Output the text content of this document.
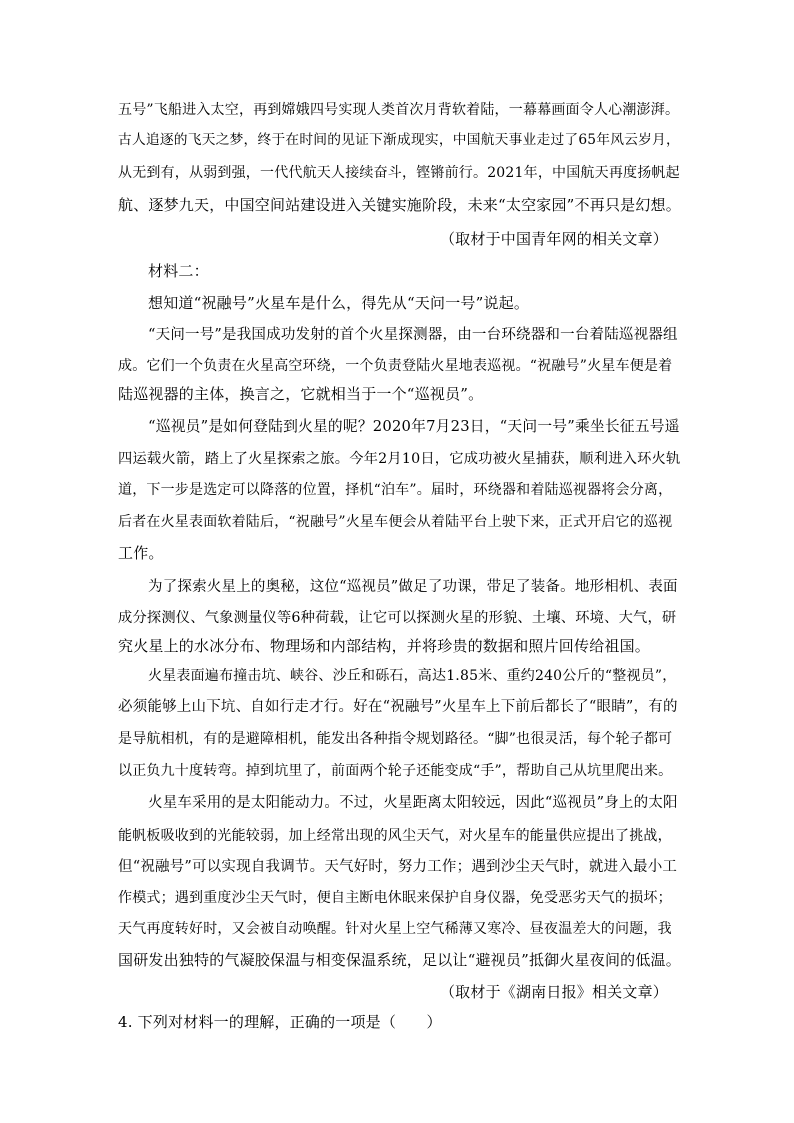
五号”飞船进入太空，再到嫦娥四号实现人类首次月背软着陆，一幕幕画面令人心潮澎湃。
古人追逐的飞天之梦，终于在时间的见证下渐成现实，中国航天事业走过了65年风云岁月，
从无到有，从弱到强，一代代航天人接续奋斗，铿锵前行。2021年，中国航天再度扬帆起
航、逐梦九天，中国空间站建设进入关键实施阶段，未来“太空家园”不再只是幻想。
（取材于中国青年网的相关文章）
材料二：
想知道“祝融号”火星车是什么，得先从“天问一号”说起。
“天问一号”是我国成功发射的首个火星探测器，由一台环绕器和一台着陆巡视器组
成。它们一个负责在火星高空环绕，一个负责登陆火星地表巡视。“祝融号”火星车便是着
陆巡视器的主体，换言之，它就相当于一个“巡视员”。
“巡视员”是如何登陆到火星的呢？2020年7月23日，“天问一号”乘坐长征五号遥
四运载火箭，踏上了火星探索之旅。今年2月10日，它成功被火星捕获，顺利进入环火轨
道，下一步是选定可以降落的位置，择机“泊车”。届时，环绕器和着陆巡视器将会分离，
后者在火星表面软着陆后，“祝融号”火星车便会从着陆平台上驶下来，正式开启它的巡视
工作。
为了探索火星上的奥秘，这位“巡视员”做足了功课，带足了装备。地形相机、表面
成分探测仪、气象测量仪等6种荷载，让它可以探测火星的形貌、土壤、环境、大气，研
究火星上的水冰分布、物理场和内部结构，并将珍贵的数据和照片回传给祖国。
火星表面遍布撞击坑、峡谷、沙丘和砾石，高达1.85米、重约240公斤的“整视员”，
必须能够上山下坑、自如行走才行。好在“祝融号”火星车上下前后都长了“眼睛”，有的
是导航相机，有的是避障相机，能发出各种指令规划路径。“脚”也很灵活，每个轮子都可
以正负九十度转弯。掉到坑里了，前面两个轮子还能变成“手”，帮助自己从坑里爬出来。
火星车采用的是太阳能动力。不过，火星距离太阳较远，因此“巡视员”身上的太阳
能帆板吸收到的光能较弱，加上经常出现的风尘天气，对火星车的能量供应提出了挑战，
但“祝融号”可以实现自我调节。天气好时，努力工作；遇到沙尘天气时，就进入最小工
作模式；遇到重度沙尘天气时，便自主断电休眠来保护自身仪器，免受恶劣天气的损坏；
天气再度转好时，又会被自动唤醒。针对火星上空气稀薄又寒冷、昼夜温差大的问题，我
国研发出独特的气凝胶保温与相变保温系统，足以让“避视员”抵御火星夜间的低温。
（取材于《湖南日报》相关文章）
4. 下列对材料一的理解，正确的一项是（　　）
